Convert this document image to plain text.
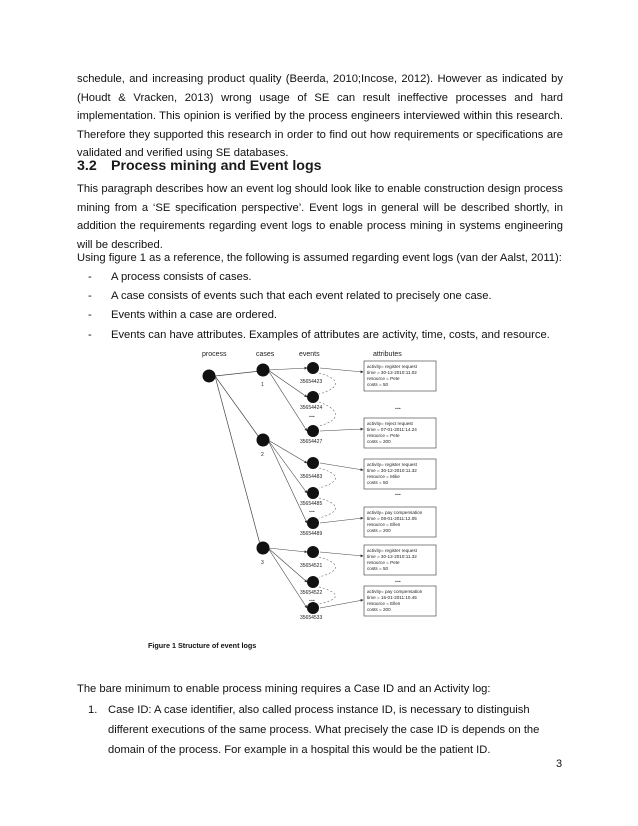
schedule, and increasing product quality (Beerda, 2010;Incose, 2012). However as indicated by (Houdt & Vracken, 2013) wrong usage of SE can result ineffective processes and hard implementation. This opinion is verified by the process engineers interviewed within this research. Therefore they supported this research in order to find out how requirements or specifications are validated and verified using SE databases.

3.2 Process mining and Event logs

This paragraph describes how an event log should look like to enable construction design process mining from a ‘SE specification perspective’. Event logs in general will be described shortly, in addition the requirements regarding event logs to enable process mining in systems engineering will be described.

Using figure 1 as a reference, the following is assumed regarding event logs (van der Aalst, 2011):

- A process consists of cases.
- A case consists of events such that each event related to precisely one case.
- Events within a case are ordered.
- Events can have attributes. Examples of attributes are activity, time, costs, and resource.
process	cases	events	attributes
1
2
3
35654423
35654424
35654427
35654483
35654485
35654489
35654521
35654522
35654533
...
...
...
...
...
...
activity= register request
time = 30-12-2010:11.02
resource = Pete
costs = 50
activity= reject request
time = 07-01-2011:14.24
resource = Pete
costs = 200
activity= register request
time = 30-12-2010:11.32
resource = Mike
costs = 50
activity= pay compensation
time = 08-01-2011:12.05
resource = Ellen
costs = 200
activity= register request
time = 30-12-2010:11.32
resource = Pete
costs = 50
activity= pay compensation
time = 15-01-2011:10.45
resource = Ellen
costs = 200
Figure 1 Structure of event logs

The bare minimum to enable process mining requires a Case ID and an Activity log:

1. Case ID: A case identifier, also called process instance ID, is necessary to distinguish different executions of the same process. What precisely the case ID is depends on the domain of the process. For example in a hospital this would be the patient ID.
3
